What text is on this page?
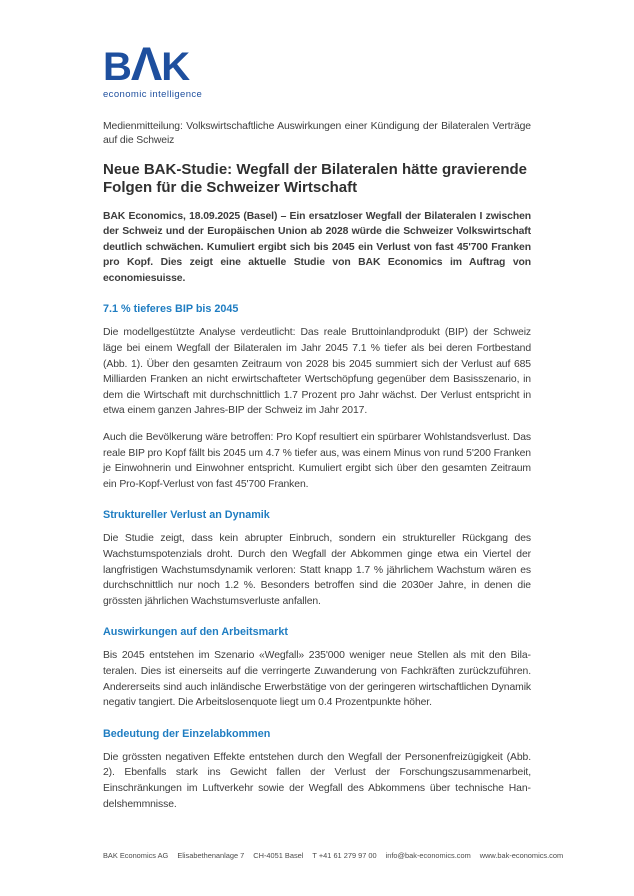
BΛK
economic intelligence
Medienmitteilung: Volkswirtschaftliche Auswirkungen einer Kündigung der Bilateralen Verträge auf die Schweiz
Neue BAK-Studie: Wegfall der Bilateralen hätte gravierende Folgen für die Schweizer Wirtschaft

BAK Economics, 18.09.2025 (Basel) – Ein ersatzloser Wegfall der Bilateralen I zwischen der Schweiz und der Europäischen Union ab 2028 würde die Schweizer Volkswirtschaft deutlich schwächen. Kumuliert ergibt sich bis 2045 ein Verlust von fast 45'700 Franken pro Kopf. Dies zeigt eine aktuelle Studie von BAK Economics im Auftrag von economiesuisse.

7.1 % tieferes BIP bis 2045

Die modellgestützte Analyse verdeutlicht: Das reale Bruttoinlandprodukt (BIP) der Schweiz läge bei einem Wegfall der Bilateralen im Jahr 2045 7.1 % tiefer als bei deren Fortbestand (Abb. 1). Über den gesamten Zeitraum von 2028 bis 2045 summiert sich der Verlust auf 685 Milliarden Franken an nicht erwirtschafteter Wertschöpfung gegenüber dem Basisszenario, in dem die Wirtschaft mit durchschnittlich 1.7 Prozent pro Jahr wächst. Der Verlust entspricht in etwa einem ganzen Jahres-BIP der Schweiz im Jahr 2017.

Auch die Bevölkerung wäre betroffen: Pro Kopf resultiert ein spürbarer Wohlstandsverlust. Das reale BIP pro Kopf fällt bis 2045 um 4.7 % tiefer aus, was einem Minus von rund 5'200 Franken je Einwohnerin und Einwohner entspricht. Kumuliert ergibt sich über den gesamten Zeitraum ein Pro-Kopf-Verlust von fast 45'700 Franken.

Struktureller Verlust an Dynamik

Die Studie zeigt, dass kein abrupter Einbruch, sondern ein struktureller Rückgang des Wachstumspotenzials droht. Durch den Wegfall der Abkommen ginge etwa ein Viertel der langfristigen Wachstumsdynamik verloren: Statt knapp 1.7 % jährlichem Wachstum wären es durchschnittlich nur noch 1.2 %. Besonders betroffen sind die 2030er Jahre, in denen die grössten jährlichen Wachstumsverluste anfallen.

Auswirkungen auf den Arbeitsmarkt

Bis 2045 entstehen im Szenario «Wegfall» 235'000 weniger neue Stellen als mit den Bilateralen. Dies ist einerseits auf die verringerte Zuwanderung von Fachkräften zurückzuführen. Andererseits sind auch inländische Erwerbstätige von der geringeren wirtschaftlichen Dynamik negativ tangiert. Die Arbeitslosenquote liegt um 0.4 Prozentpunkte höher.

Bedeutung der Einzelabkommen

Die grössten negativen Effekte entstehen durch den Wegfall der Personenfreizügigkeit (Abb. 2). Ebenfalls stark ins Gewicht fallen der Verlust der Forschungszusammenarbeit, Einschränkungen im Luftverkehr sowie der Wegfall des Abkommens über technische Handelshemmnisse.

BAK Economics AG Elisabethenanlage 7 CH-4051 Basel T +41 61 279 97 00 info@bak-economics.com www.bak-economics.com
